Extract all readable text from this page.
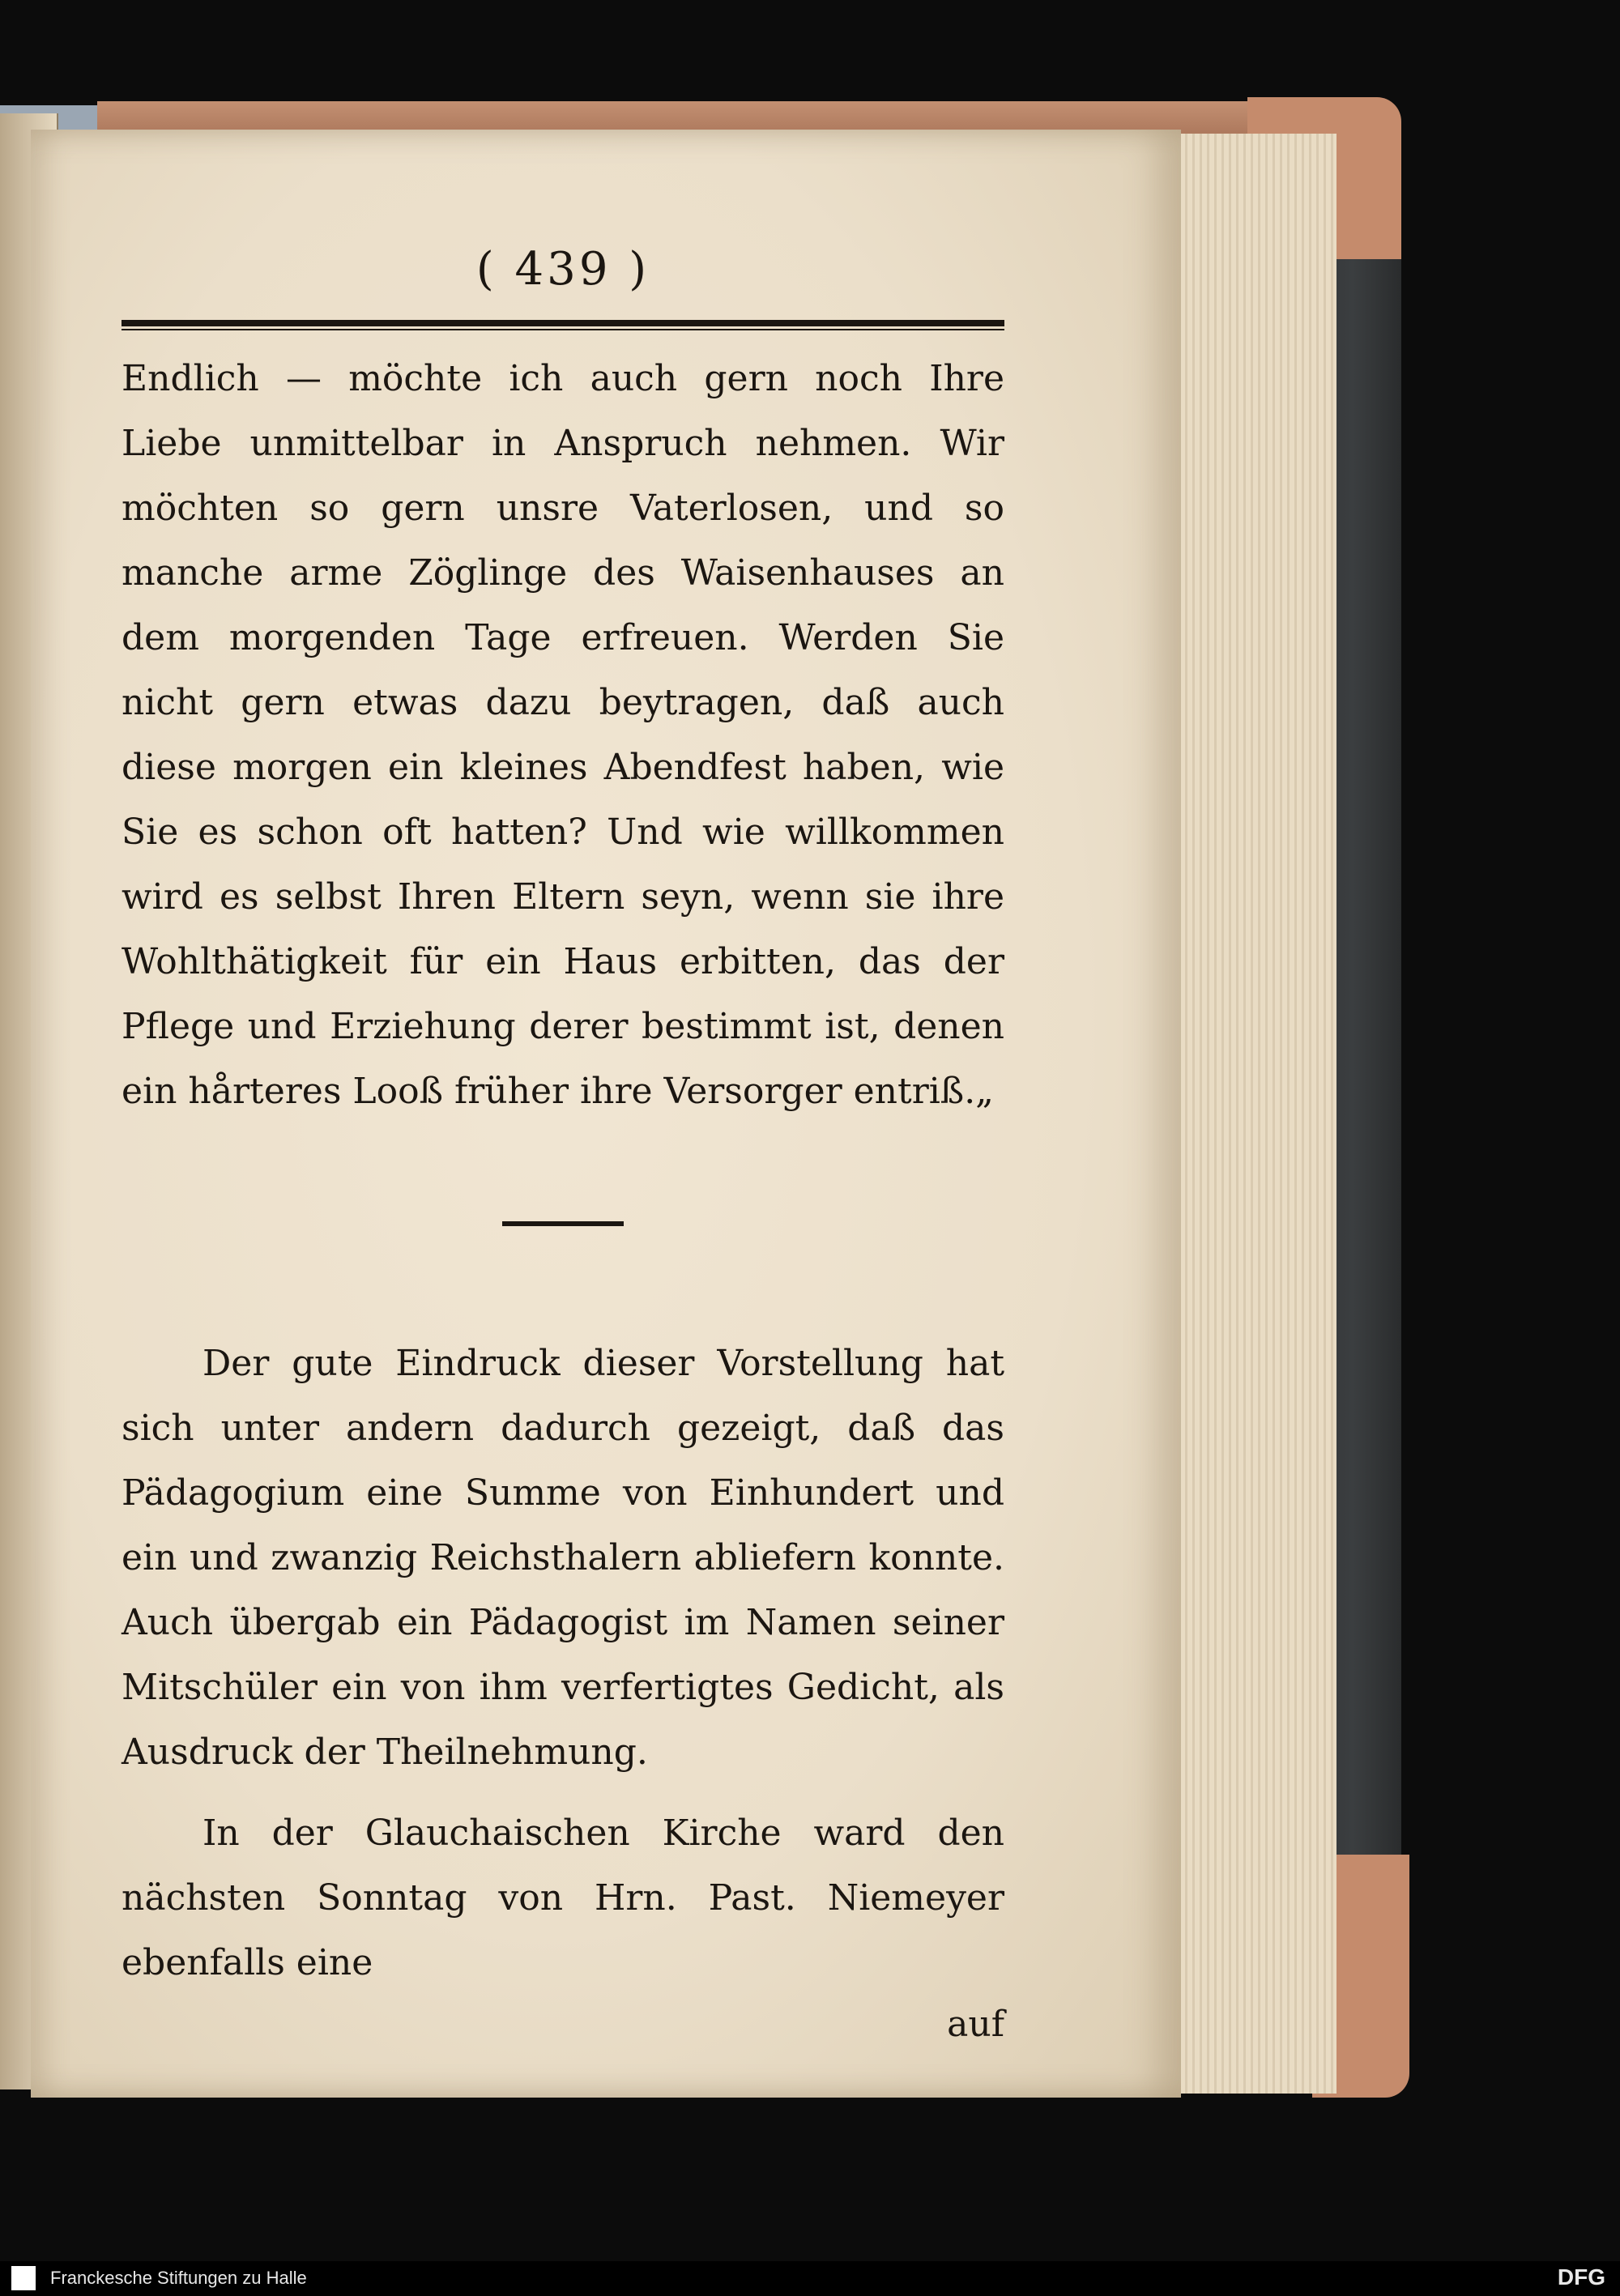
( 439 )

Endlich — möchte ich auch gern noch Ihre Liebe unmittelbar in Anspruch nehmen. Wir möchten so gern unsre Vaterlosen, und so manche arme Zöglinge des Waisenhauses an dem morgenden Tage erfreuen. Werden Sie nicht gern etwas dazu beytragen, daß auch diese morgen ein kleines Abendfest haben, wie Sie es schon oft hatten? Und wie willkommen wird es selbst Ihren Eltern seyn, wenn sie ihre Wohlthätigkeit für ein Haus erbitten, das der Pflege und Erziehung derer bestimmt ist, denen ein hårteres Looß früher ihre Versorger entriß.„

Der gute Eindruck dieser Vorstellung hat sich unter andern dadurch gezeigt, daß das Pädagogium eine Summe von Einhundert und ein und zwanzig Reichsthalern abliefern konnte. Auch übergab ein Pädagogist im Namen seiner Mitschüler ein von ihm verfertigtes Gedicht, als Ausdruck der Theilnehmung.

In der Glauchaischen Kirche ward den nächsten Sonntag von Hrn. Past. Niemeyer ebenfalls eine

auf
Franckesche Stiftungen zu Halle	DFG
